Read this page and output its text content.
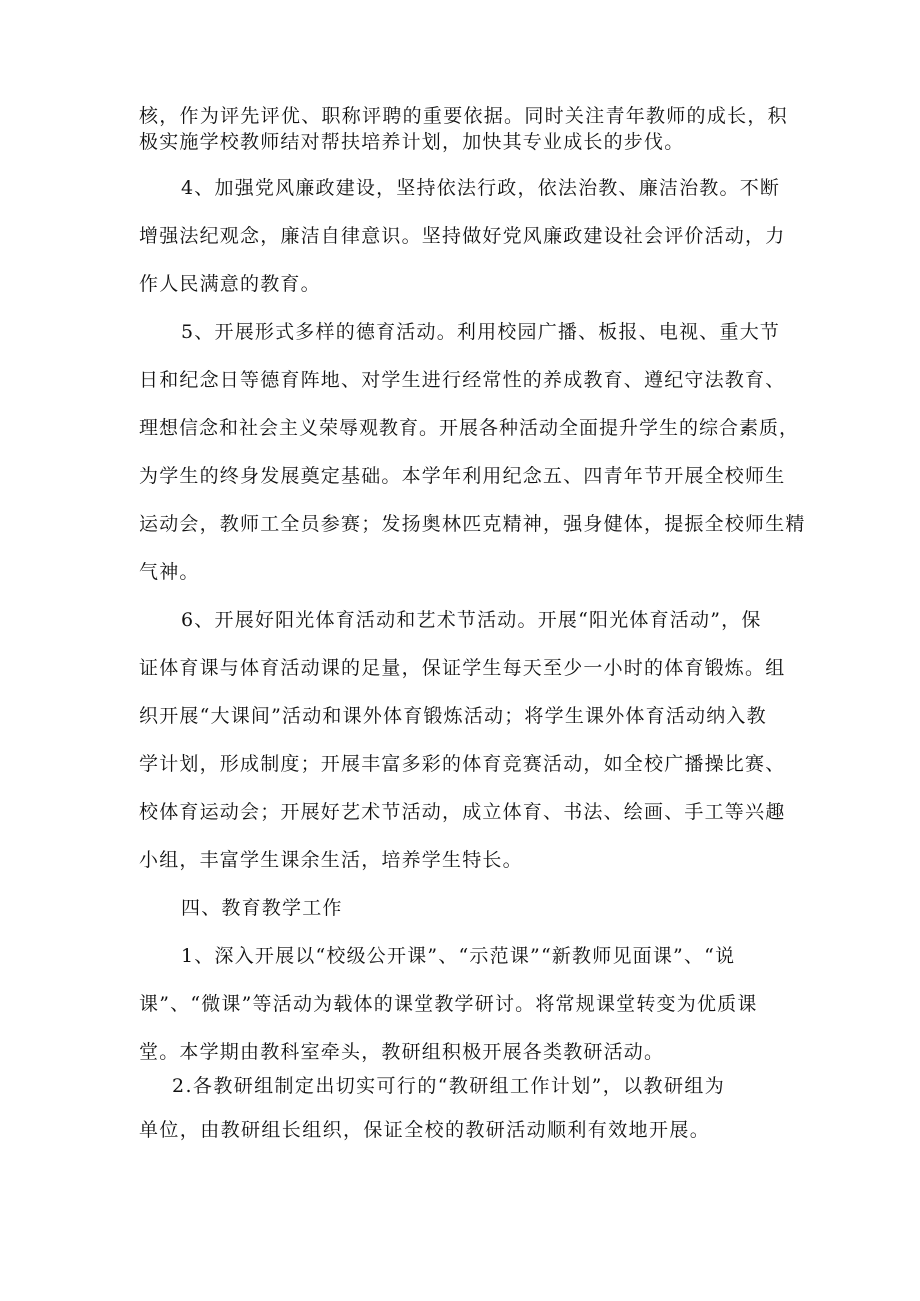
核，作为评先评优、职称评聘的重要依据。同时关注青年教师的成长，积
极实施学校教师结对帮扶培养计划，加快其专业成长的步伐。
4、加强党风廉政建设，坚持依法行政，依法治教、廉洁治教。不断
增强法纪观念，廉洁自律意识。坚持做好党风廉政建设社会评价活动，力
作人民满意的教育。
5、开展形式多样的德育活动。利用校园广播、板报、电视、重大节
日和纪念日等德育阵地、对学生进行经常性的养成教育、遵纪守法教育、
理想信念和社会主义荣辱观教育。开展各种活动全面提升学生的综合素质，
为学生的终身发展奠定基础。本学年利用纪念五、四青年节开展全校师生
运动会，教师工全员参赛；发扬奥林匹克精神，强身健体，提振全校师生精
气神。
6、开展好阳光体育活动和艺术节活动。开展“阳光体育活动”，保
证体育课与体育活动课的足量，保证学生每天至少一小时的体育锻炼。组
织开展“大课间”活动和课外体育锻炼活动；将学生课外体育活动纳入教
学计划，形成制度；开展丰富多彩的体育竞赛活动，如全校广播操比赛、
校体育运动会；开展好艺术节活动，成立体育、书法、绘画、手工等兴趣
小组，丰富学生课余生活，培养学生特长。
四、教育教学工作
1、深入开展以“校级公开课”、“示范课”“新教师见面课”、“说
课”、“微课”等活动为载体的课堂教学研讨。将常规课堂转变为优质课
堂。本学期由教科室牵头，教研组积极开展各类教研活动。
2.各教研组制定出切实可行的“教研组工作计划”，以教研组为
单位，由教研组长组织，保证全校的教研活动顺利有效地开展。
